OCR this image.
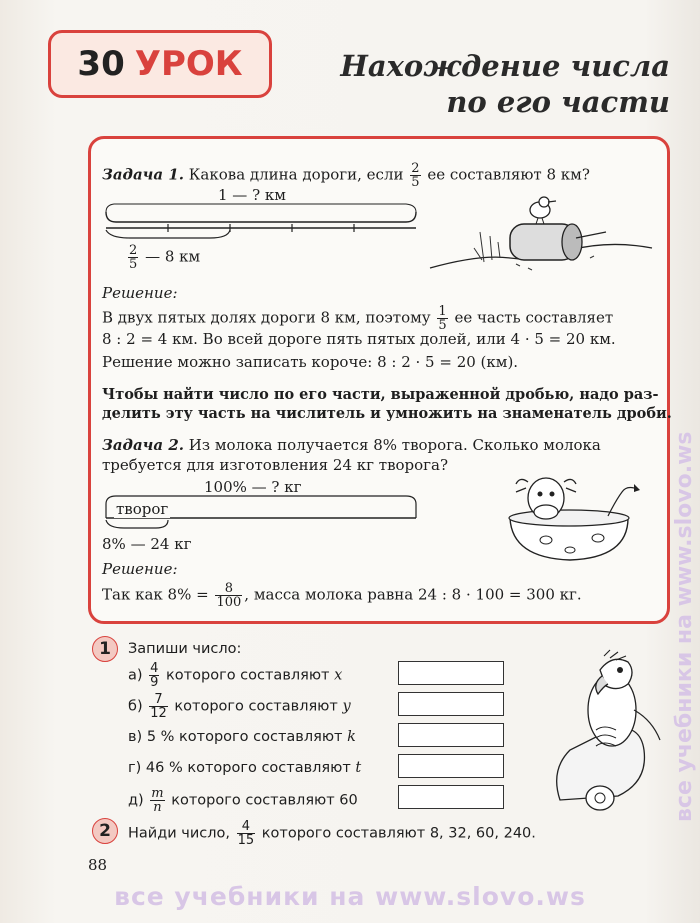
30 УРОК	Нахождение числа
по его части
Задача 1. Какова длина дороги, если $\frac{2}{5}$ ее составляют 8 км?
1 — ? км
$\frac{2}{5}$ — 8 км
Решение:
В двух пятых долях дороги 8 км, поэтому $\frac{1}{5}$ ее часть составляет
8 : 2 = 4 км. Во всей дороге пять пятых долей, или 4 · 5 = 20 км.
Решение можно записать короче: 8 : 2 · 5 = 20 (км).
Чтобы найти число по его части, выраженной дробью, надо раз-
делить эту часть на числитель и умножить на знаменатель дроби.
Задача 2. Из молока получается 8% творога. Сколько молока
требуется для изготовления 24 кг творога?
100% — ? кг
творог
8% — 24 кг
Решение:
Так как $8\% = \frac{8}{100}$ , масса молока равна 24 : 8 · 100 = 300 кг.
1	Запиши число:
$а) \frac{4}{9}$ которого составляют x
$б) \frac{7}{12}$ которого составляют y
в) 5 % которого составляют k
г) 46 % которого составляют t
$д) \frac{m}{n}$ которого составляют 60
2	Найди число, $\frac{4}{15}$ которого составляют 8, 32, 60, 240.
88
все учебники на www.slovo.ws
все учебники на www.slovo.ws
